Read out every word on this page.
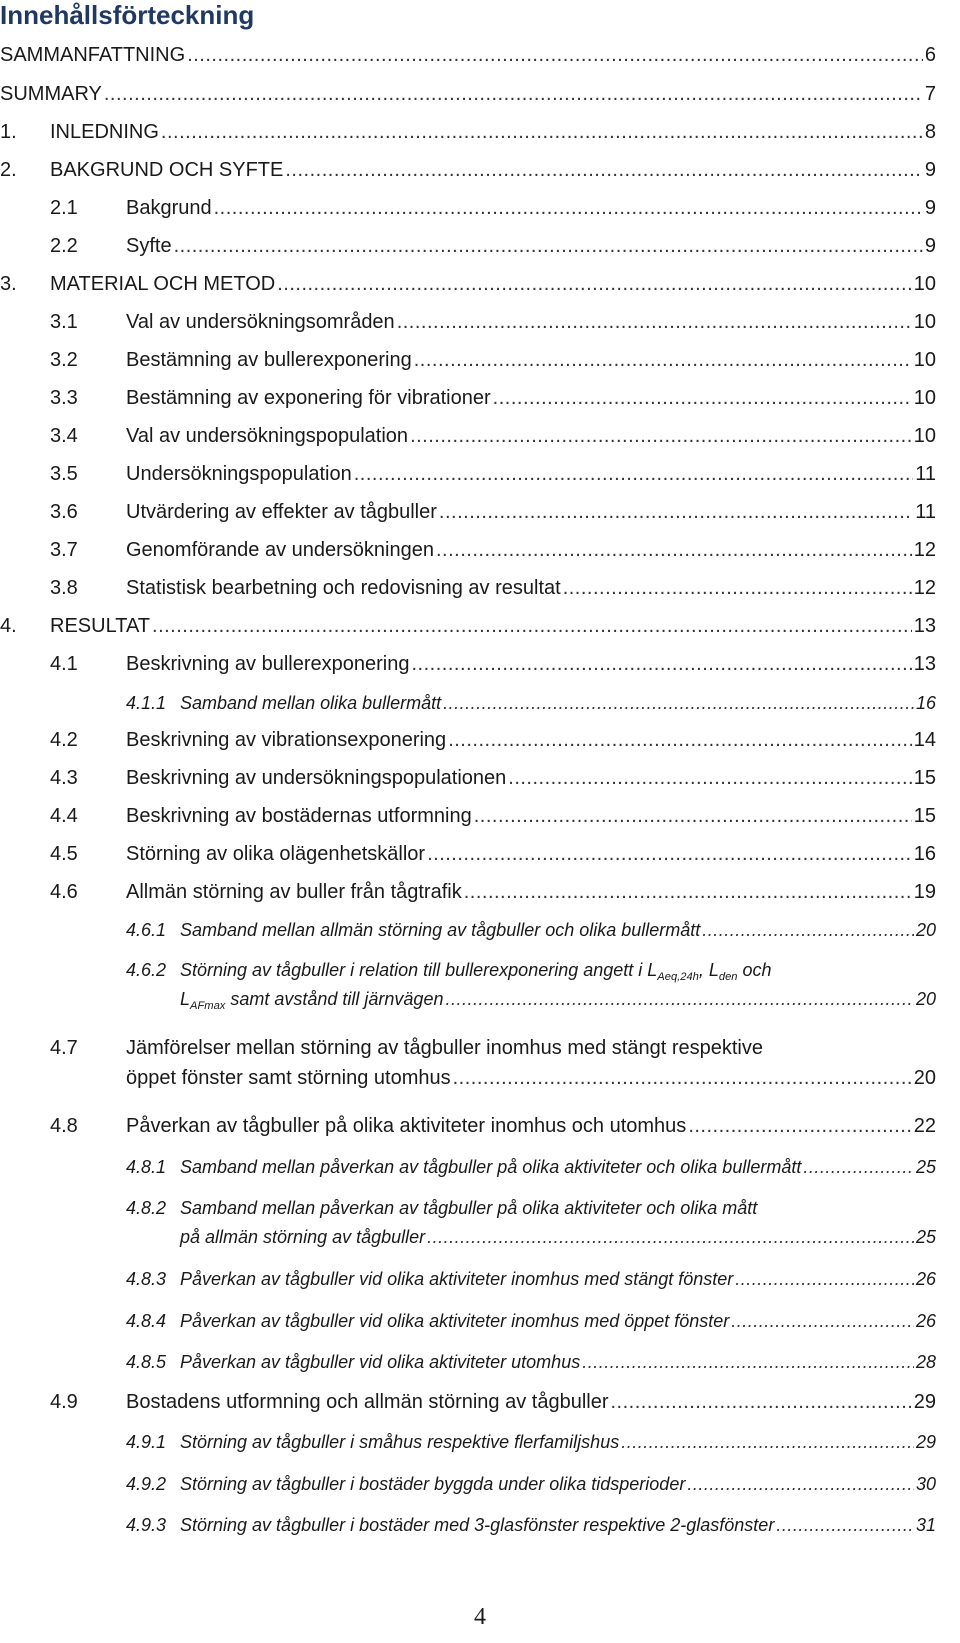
Innehållsförteckning
SAMMANFATTNING .....	6
SUMMARY .....	7
1.	INLEDNING .....	8
2.	BAKGRUND OCH SYFTE .....	9
2.1	Bakgrund .....	9
2.2	Syfte .....	9
3.	MATERIAL OCH METOD .....	10
3.1	Val av undersökningsområden .....	10
3.2	Bestämning av bullerexponering .....	10
3.3	Bestämning av exponering för vibrationer .....	10
3.4	Val av undersökningspopulation .....	10
3.5	Undersökningspopulation .....	11
3.6	Utvärdering av effekter av tågbuller .....	11
3.7	Genomförande av undersökningen .....	12
3.8	Statistisk bearbetning och redovisning av resultat .....	12
4.	RESULTAT .....	13
4.1	Beskrivning av bullerexponering .....	13
4.1.1 Samband mellan olika bullermått .....	16
4.2	Beskrivning av vibrationsexponering .....	14
4.3	Beskrivning av undersökningspopulationen .....	15
4.4	Beskrivning av bostädernas utformning .....	15
4.5	Störning av olika olägenhetskällor .....	16
4.6	Allmän störning av buller från tågtrafik .....	19
4.6.1 Samband mellan allmän störning av tågbuller och olika bullermått .....	20
4.6.2 Störning av tågbuller i relation till bullerexponering angett i $L_{Aeq,24h}$, $L_{den}$ och
$L_{AFmax}$ samt avstånd till järnvägen .....	20
4.7	Jämförelser mellan störning av tågbuller inomhus med stängt respektive
öppet fönster samt störning utomhus .....	20
4.8	Påverkan av tågbuller på olika aktiviteter inomhus och utomhus .....	22
4.8.1 Samband mellan påverkan av tågbuller på olika aktiviteter och olika bullermått .....	25
4.8.2 Samband mellan påverkan av tågbuller på olika aktiviteter och olika mått
på allmän störning av tågbuller .....	25
4.8.3 Påverkan av tågbuller vid olika aktiviteter inomhus med stängt fönster .....	26
4.8.4 Påverkan av tågbuller vid olika aktiviteter inomhus med öppet fönster .....	26
4.8.5 Påverkan av tågbuller vid olika aktiviteter utomhus .....	28
4.9	Bostadens utformning och allmän störning av tågbuller .....	29
4.9.1 Störning av tågbuller i småhus respektive flerfamiljshus .....	29
4.9.2 Störning av tågbuller i bostäder byggda under olika tidsperioder .....	30
4.9.3 Störning av tågbuller i bostäder med 3-glasfönster respektive 2-glasfönster .....	31
4
